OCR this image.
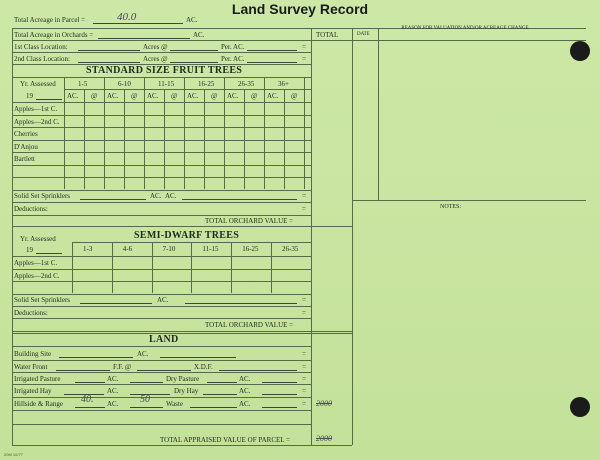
Land Survey Record
TOTAL	DATE
REASON FOR VALUATION AND/OR ACREAGE CHANGE
NOTES:
Total Acreage in Parcel =	40.0	AC.
Total Acreage in Orchards =	AC.
1st Class Location:	Acres @	Per. AC.	=
2nd Class Location:	Acres @	Per. AC.	=
STANDARD SIZE FRUIT TREES
Yr. Assessed	1-5	6-10	11-15	16-25	26-35	36+
19	AC. @ AC. @ AC. @ AC. @ AC. @ AC. @
Apples—1st C.
Apples—2nd C.
Cherries
D'Anjou
Bartlett
Solid Set Sprinklers	AC. AC.	=
Deductions:	=
TOTAL ORCHARD VALUE =
Yr. Assessed	SEMI-DWARF TREES
1-3	4-6	7-10	11-15	16-25	26-35
19
Apples—1st C.
Apples—2nd C.
Solid Set Sprinklers	AC.	=
Deductions:	=
TOTAL ORCHARD VALUE =
LAND
Building Site	AC.	=
Water Front	F.F. @	X.D.F.	=
Irrigated Pasture	AC.	Dry Pasture	AC.	=
Irrigated Hay	AC.	Dry Hay	AC.	=
Hillside & Range 40. AC. 50 Waste	AC.	= 2000
TOTAL APPRAISED VALUE OF PARCEL =	2000
20M 10/77
